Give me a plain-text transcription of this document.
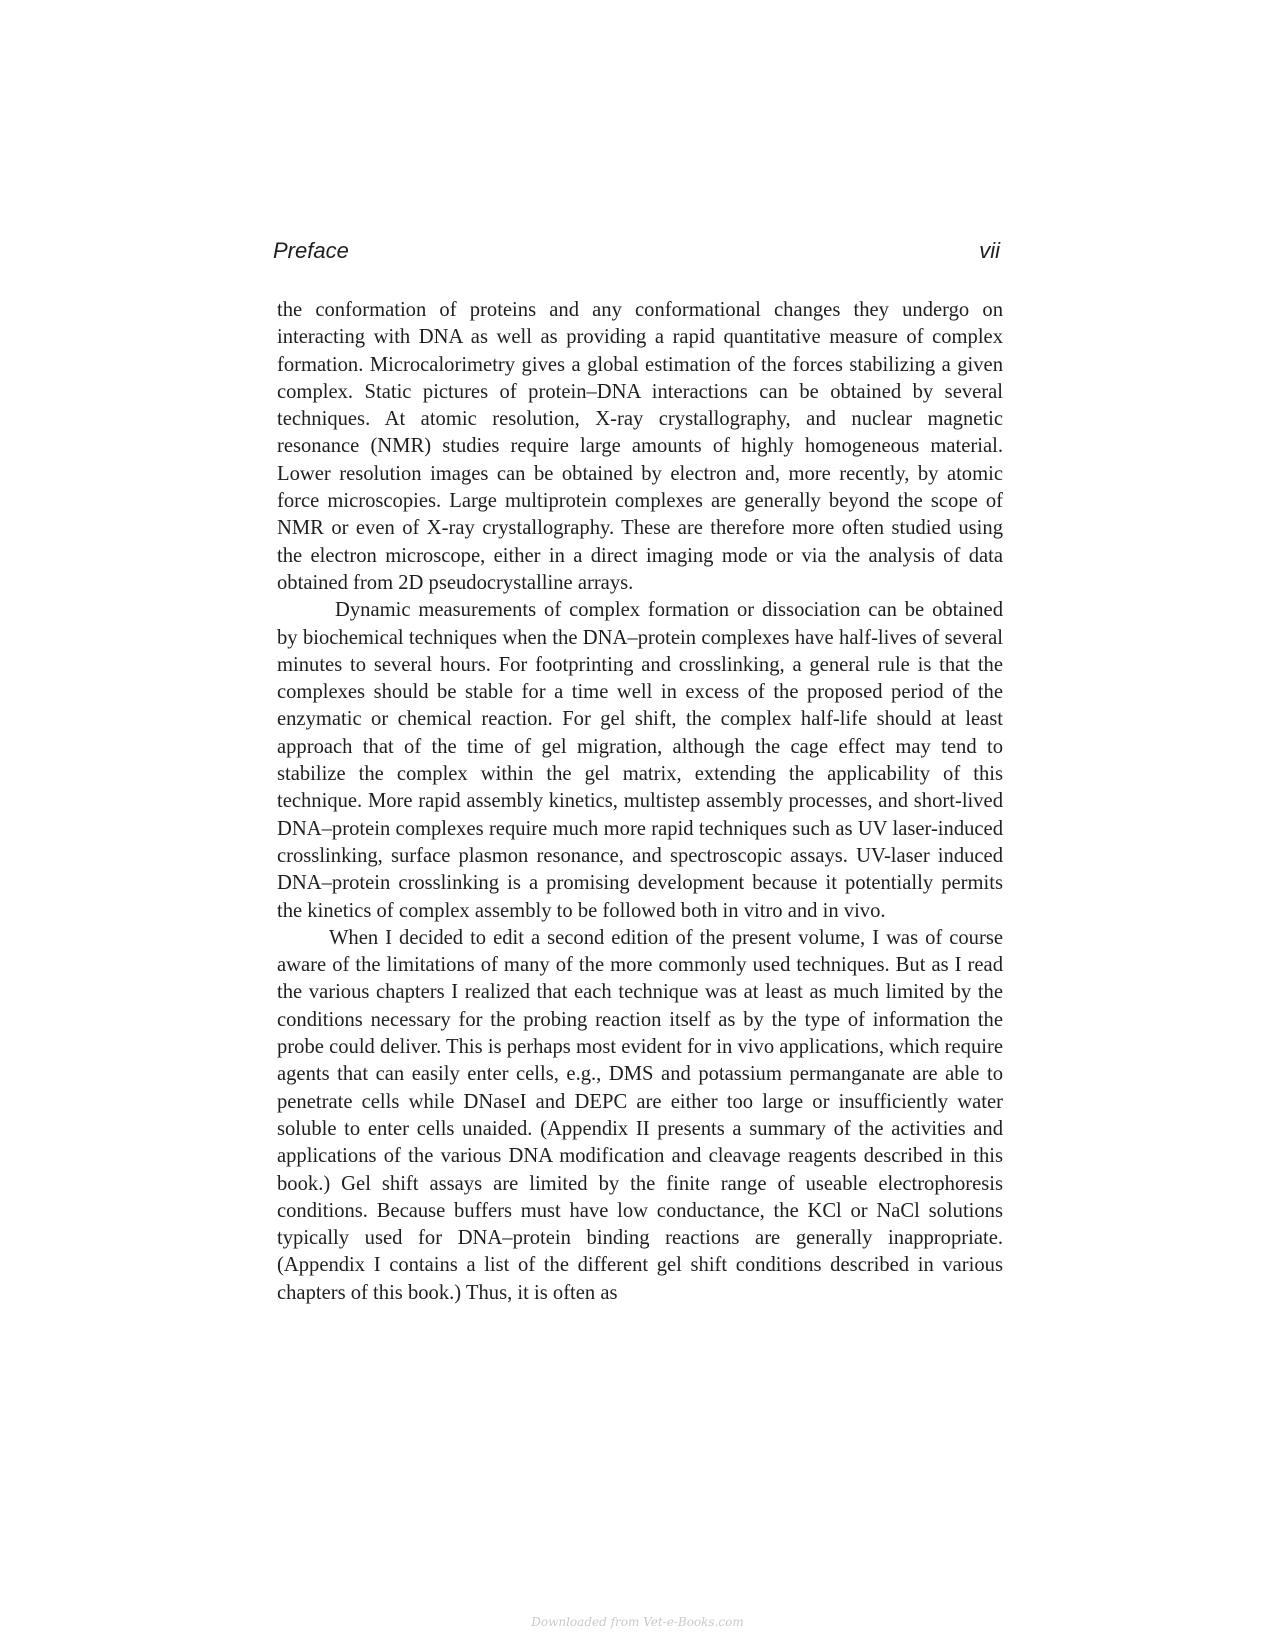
Preface	vii

the conformation of proteins and any conformational changes they undergo on interacting with DNA as well as providing a rapid quantitative measure of complex formation. Microcalorimetry gives a global estimation of the forces stabilizing a given complex. Static pictures of protein–DNA interactions can be obtained by several techniques. At atomic resolution, X-ray crystallography, and nuclear magnetic resonance (NMR) studies require large amounts of highly homogeneous material. Lower resolution images can be obtained by electron and, more recently, by atomic force microscopies. Large multiprotein complexes are generally beyond the scope of NMR or even of X-ray crystallography. These are therefore more often studied using the electron microscope, either in a direct imaging mode or via the analysis of data obtained from 2D pseudocrystalline arrays.

Dynamic measurements of complex formation or dissociation can be obtained by biochemical techniques when the DNA–protein complexes have half-lives of several minutes to several hours. For footprinting and crosslinking, a general rule is that the complexes should be stable for a time well in excess of the proposed period of the enzymatic or chemical reaction. For gel shift, the complex half-life should at least approach that of the time of gel migration, although the cage effect may tend to stabilize the complex within the gel matrix, extending the applicability of this technique. More rapid assembly kinetics, multistep assembly processes, and short-lived DNA–protein complexes require much more rapid techniques such as UV laser-induced crosslinking, surface plasmon resonance, and spectroscopic assays. UV-laser induced DNA–protein crosslinking is a promising development because it potentially permits the kinetics of complex assembly to be followed both in vitro and in vivo.

When I decided to edit a second edition of the present volume, I was of course aware of the limitations of many of the more commonly used techniques. But as I read the various chapters I realized that each technique was at least as much limited by the conditions necessary for the probing reaction itself as by the type of information the probe could deliver. This is perhaps most evident for in vivo applications, which require agents that can easily enter cells, e.g., DMS and potassium permanganate are able to penetrate cells while DNaseI and DEPC are either too large or insufficiently water soluble to enter cells unaided. (Appendix II presents a summary of the activities and applications of the various DNA modification and cleavage reagents described in this book.) Gel shift assays are limited by the finite range of useable electrophoresis conditions. Because buffers must have low conductance, the KCl or NaCl solutions typically used for DNA–protein binding reactions are generally inappropriate. (Appendix I contains a list of the different gel shift conditions described in various chapters of this book.) Thus, it is often as

Downloaded from Vet-e-Books.com
